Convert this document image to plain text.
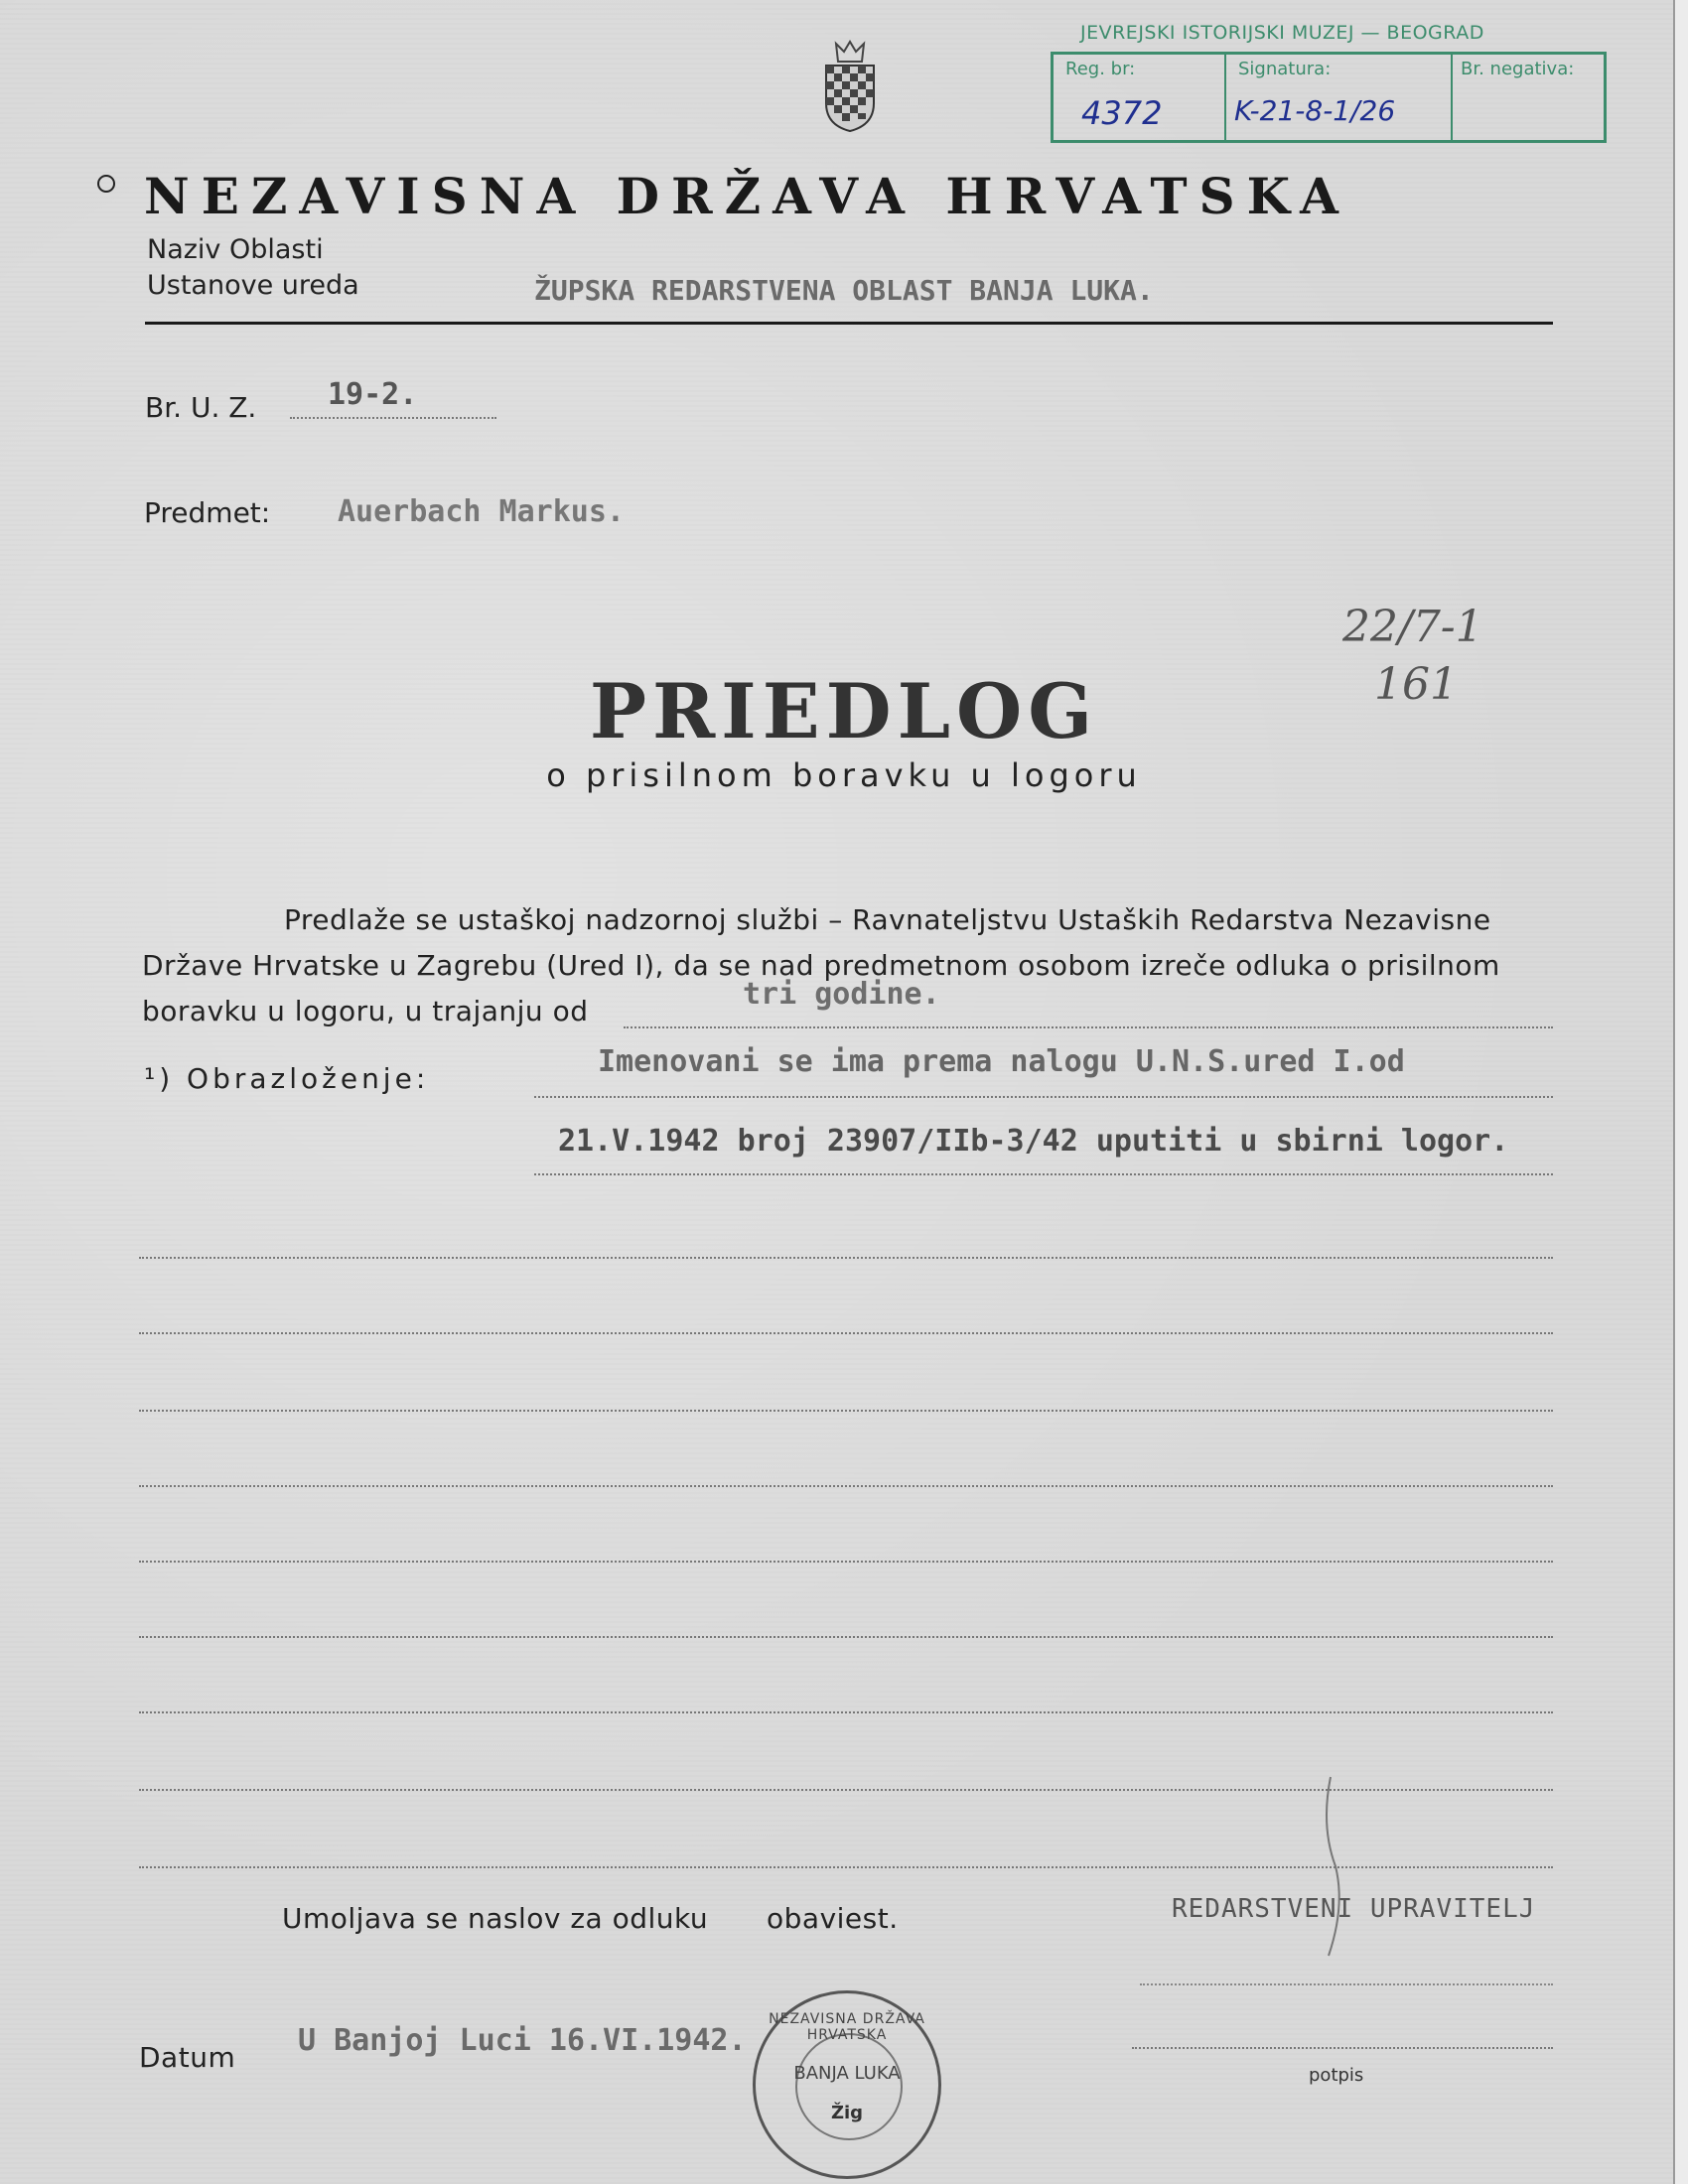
JEVREJSKI ISTORIJSKI MUZEJ — BEOGRAD
Reg. br:
4372
Signatura:
K-21-8-1/26
Br. negativa:
NEZAVISNA DRŽAVA HRVATSKA
Naziv Oblasti
Ustanove ureda	ŽUPSKA REDARSTVENA OBLAST BANJA LUKA.
Br. U. Z. 19-2.
Predmet: Auerbach Markus.
22/7-1
161
PRIEDLOG
o prisilnom boravku u logoru
Predlaže se ustaškoj nadzornoj službi – Ravnateljstvu Ustaških Redarstva Nezavisne
Države Hrvatske u Zagrebu (Ured I), da se nad predmetnom osobom izreče odluka o prisilnom
boravku u logoru, u trajanju od	tri godine.
¹) Obrazloženje:	Imenovani se ima prema nalogu U.N.S.ured I.od
21.V.1942 broj 23907/IIb-3/42 uputiti u sbirni logor.
Umoljava se naslov za odluku obaviest.	REDARSTVENI UPRAVITELJ
Datum U Banjoj Luci 16.VI.1942.
potpis
NEZAVISNA DRŽAVA HRVATSKA
BANJA LUKA
Žig
